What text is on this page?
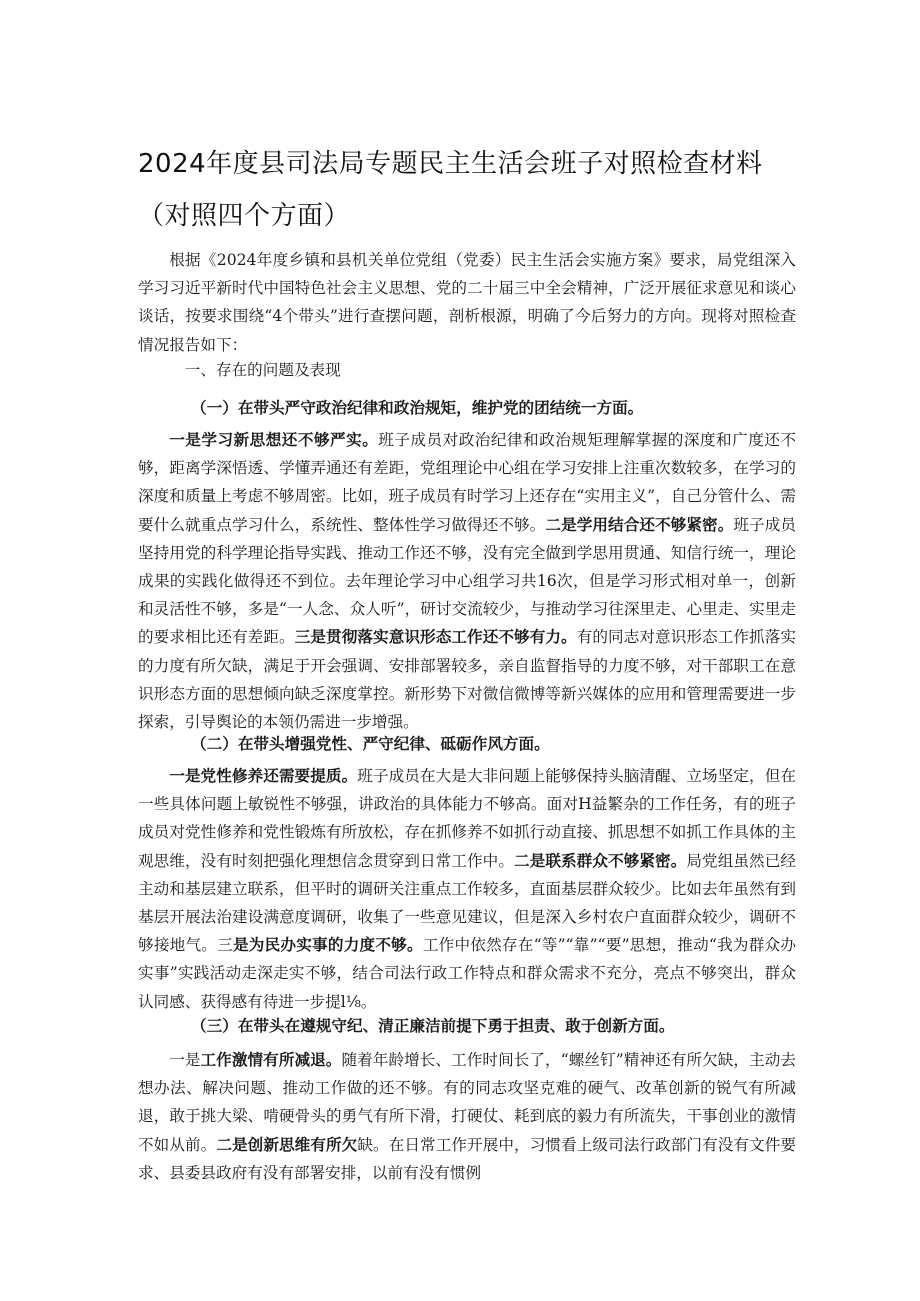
2024年度县司法局专题民主生活会班子对照检查材料（对照四个方面）

根据《2024年度乡镇和县机关单位党组（党委）民主生活会实施方案》要求，局党组深入学习习近平新时代中国特色社会主义思想、党的二十届三中全会精神，广泛开展征求意见和谈心谈话，按要求围绕“4个带头”进行查摆问题，剖析根源，明确了今后努力的方向。现将对照检查情况报告如下：

一、存在的问题及表现
（一）在带头严守政治纪律和政治规矩，维护党的团结统一方面。

一是学习新思想还不够严实。班子成员对政治纪律和政治规矩理解掌握的深度和广度还不够，距离学深悟透、学懂弄通还有差距，党组理论中心组在学习安排上注重次数较多，在学习的深度和质量上考虑不够周密。比如，班子成员有时学习上还存在“实用主义”，自己分管什么、需要什么就重点学习什么，系统性、整体性学习做得还不够。二是学用结合还不够紧密。班子成员坚持用党的科学理论指导实践、推动工作还不够，没有完全做到学思用贯通、知信行统一，理论成果的实践化做得还不到位。去年理论学习中心组学习共16次，但是学习形式相对单一，创新和灵活性不够，多是“一人念、众人听”，研讨交流较少，与推动学习往深里走、心里走、实里走的要求相比还有差距。三是贯彻落实意识形态工作还不够有力。有的同志对意识形态工作抓落实的力度有所欠缺，满足于开会强调、安排部署较多，亲自监督指导的力度不够，对干部职工在意识形态方面的思想倾向缺乏深度掌控。新形势下对微信微博等新兴媒体的应用和管理需要进一步探索，引导舆论的本领仍需进一步增强。

（二）在带头增强党性、严守纪律、砥砺作风方面。

一是党性修养还需要提质。班子成员在大是大非问题上能够保持头脑清醒、立场坚定，但在一些具体问题上敏锐性不够强，讲政治的具体能力不够高。面对H益繁杂的工作任务，有的班子成员对党性修养和党性锻炼有所放松，存在抓修养不如抓行动直接、抓思想不如抓工作具体的主观思维，没有时刻把强化理想信念贯穿到日常工作中。二是联系群众不够紧密。局党组虽然已经主动和基层建立联系，但平时的调研关注重点工作较多，直面基层群众较少。比如去年虽然有到基层开展法治建设满意度调研，收集了一些意见建议，但是深入乡村农户直面群众较少，调研不够接地气。三是为民办实事的力度不够。工作中依然存在“等”“靠”“要”思想，推动“我为群众办实事”实践活动走深走实不够，结合司法行政工作特点和群众需求不充分，亮点不够突出，群众认同感、获得感有待进一步提l⅛。

（三）在带头在遵规守纪、清正廉洁前提下勇于担责、敢于创新方面。

一是工作激情有所减退。随着年龄增长、工作时间长了，“螺丝钉”精神还有所欠缺，主动去想办法、解决问题、推动工作做的还不够。有的同志攻坚克难的硬气、改革创新的锐气有所减退，敢于挑大梁、啃硬骨头的勇气有所下滑，打硬仗、耗到底的毅力有所流失，干事创业的激情不如从前。二是创新思维有所欠缺。在日常工作开展中，习惯看上级司法行政部门有没有文件要求、县委县政府有没有部署安排，以前有没有惯例
